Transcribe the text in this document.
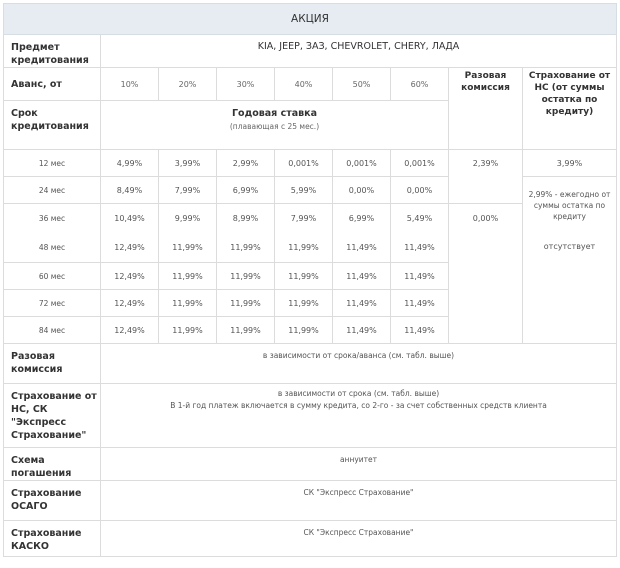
АКЦИЯ								
Предмет кредитования	KIA, JEEP, ЗАЗ, CHEVROLET, CHERY, ЛАДА							
Аванс, от	10%	20%	30%	40%	50%	60%	Разовая комиссия	Страхование от НС (от суммы остатка по кредиту)
Срок кредитования	Годовая ставка
(плавающая с 25 мес.)							

12 мес	4,99%	3,99%	2,99%	0,001%	0,001%	0,001%	2,39%	3,99%
24 мес	8,49%	7,99%	6,99%	5,99%	0,00%	0,00%		2,99% - ежегодно от суммы остатка по кредиту
36 мес	10,49%	9,99%	8,99%	7,99%	6,99%	5,49%	0,00%	
48 мес	12,49%	11,99%	11,99%	11,99%	11,49%	11,49%		отсутствует
60 мес	12,49%	11,99%	11,99%	11,99%	11,49%	11,49%		
72 мес	12,49%	11,99%	11,99%	11,99%	11,49%	11,49%		
84 мес	12,49%	11,99%	11,99%	11,99%	11,49%	11,49%		
Разовая комиссия	в зависимости от срока/аванса (см. табл. выше)							
Страхование от НС, СК "Экспресс Страхование"	в зависимости от срока (см. табл. выше)
В 1-й год платеж включается в сумму кредита, со 2-го - за счет собственных средств клиента							

Схема погашения	аннуитет							
Страхование ОСАГО	СК "Экспресс Страхование"							
Страхование КАСКО	СК "Экспресс Страхование"							
